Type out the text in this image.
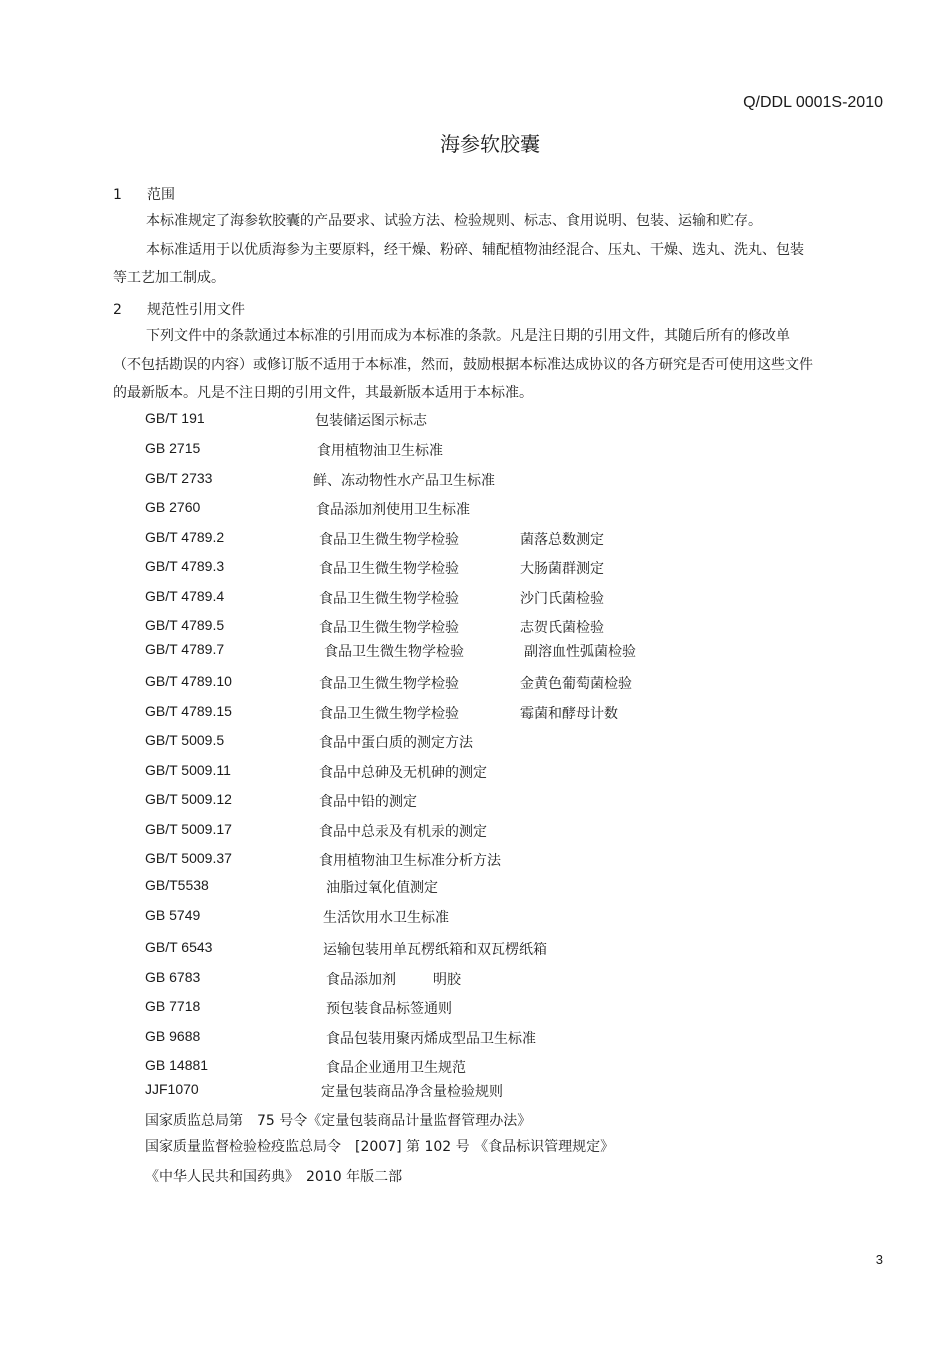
Q/DDL 0001S-2010
海参软胶囊
1 范围

本标准规定了海参软胶囊的产品要求、试验方法、检验规则、标志、食用说明、包装、运输和贮存。

本标准适用于以优质海参为主要原料，经干燥、粉碎、辅配植物油经混合、压丸、干燥、选丸、洗丸、包装等工艺加工制成。

2 规范性引用文件

下列文件中的条款通过本标准的引用而成为本标准的条款。凡是注日期的引用文件，其随后所有的修改单（不包括勘误的内容）或修订版不适用于本标准，然而，鼓励根据本标准达成协议的各方研究是否可使用这些文件的最新版本。凡是不注日期的引用文件，其最新版本适用于本标准。

GB/T 191	包装储运图示标志
GB 2715	食用植物油卫生标准
GB/T 2733	鲜、冻动物性水产品卫生标准
GB 2760	食品添加剂使用卫生标准
GB/T 4789.2	食品卫生微生物学检验	菌落总数测定
GB/T 4789.3	食品卫生微生物学检验	大肠菌群测定
GB/T 4789.4	食品卫生微生物学检验	沙门氏菌检验
GB/T 4789.5	食品卫生微生物学检验	志贺氏菌检验
GB/T 4789.7	食品卫生微生物学检验	副溶血性弧菌检验
GB/T 4789.10	食品卫生微生物学检验	金黄色葡萄菌检验
GB/T 4789.15	食品卫生微生物学检验	霉菌和酵母计数
GB/T 5009.5	食品中蛋白质的测定方法
GB/T 5009.11	食品中总砷及无机砷的测定
GB/T 5009.12	食品中铅的测定
GB/T 5009.17	食品中总汞及有机汞的测定
GB/T 5009.37	食用植物油卫生标准分析方法
GB/T5538	油脂过氧化值测定
GB 5749	生活饮用水卫生标准
GB/T 6543	运输包装用单瓦楞纸箱和双瓦楞纸箱
GB 6783	食品添加剂	明胶
GB 7718	预包装食品标签通则
GB 9688	食品包装用聚丙烯成型品卫生标准
GB 14881	食品企业通用卫生规范
JJF1070	定量包装商品净含量检验规则
国家质监总局第　75 号令《定量包装商品计量监督管理办法》
国家质量监督检验检疫监总局令　[2007] 第 102 号 《食品标识管理规定》
《中华人民共和国药典》　2010 年版二部
3
